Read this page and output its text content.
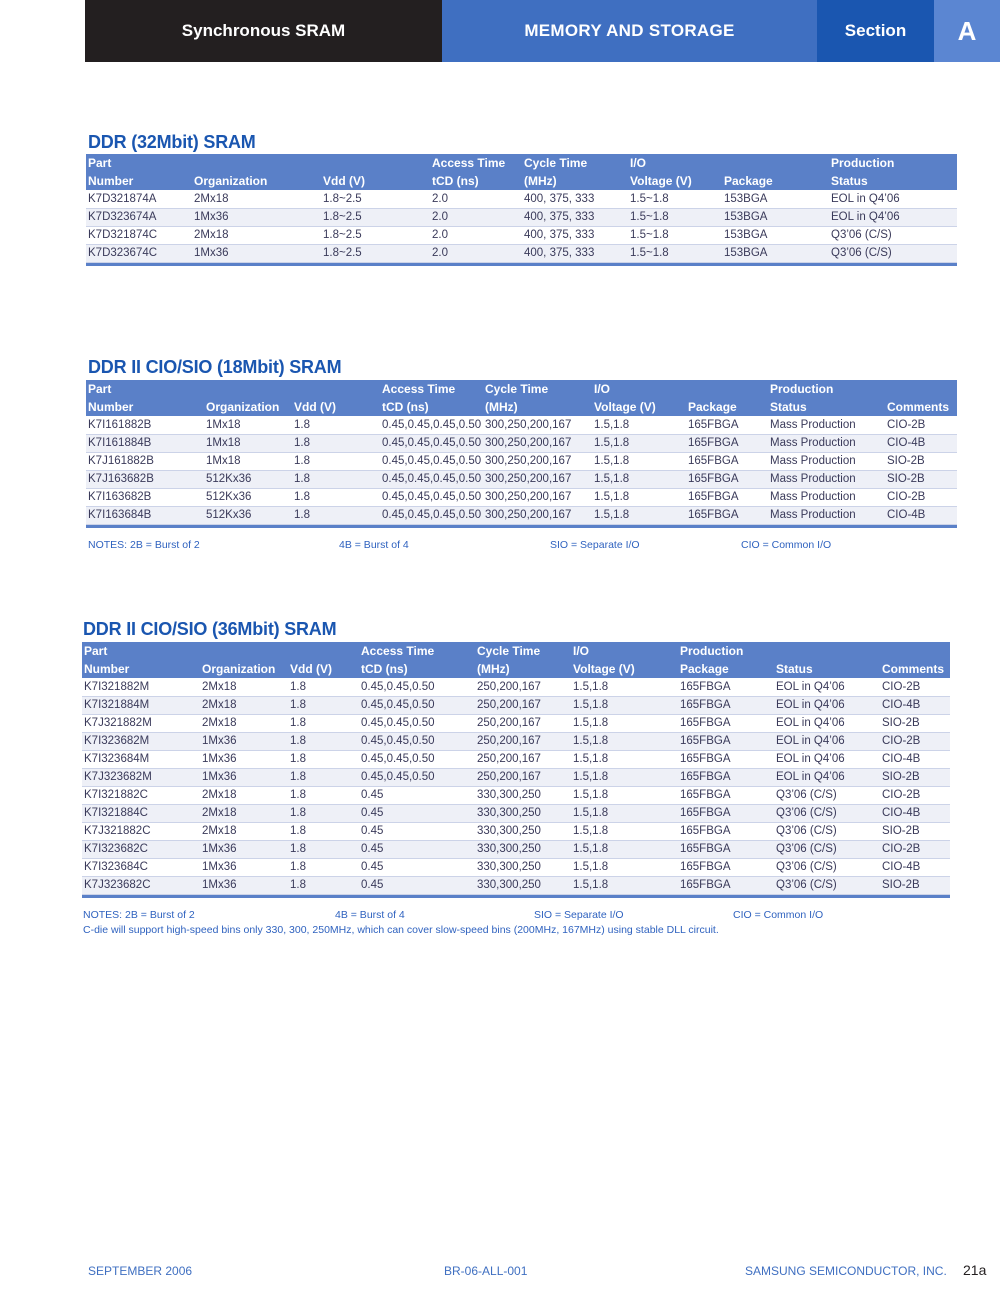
Synchronous SRAM	MEMORY AND STORAGE	Section A
DDR (32Mbit) SRAM
Part			Access Time	Cycle Time	I/O		Production
Number	Organization	Vdd (V)	tCD (ns)	(MHz)	Voltage (V)	Package	Status
K7D321874A	2Mx18	1.8~2.5	2.0	400, 375, 333	1.5~1.8	153BGA	EOL in Q4’06
K7D323674A	1Mx36	1.8~2.5	2.0	400, 375, 333	1.5~1.8	153BGA	EOL in Q4’06
K7D321874C	2Mx18	1.8~2.5	2.0	400, 375, 333	1.5~1.8	153BGA	Q3’06 (C/S)
K7D323674C	1Mx36	1.8~2.5	2.0	400, 375, 333	1.5~1.8	153BGA	Q3’06 (C/S)
DDR II CIO/SIO (18Mbit) SRAM
Part			Access Time	Cycle Time	I/O		Production	
Number	Organization	Vdd (V)	tCD (ns)	(MHz)	Voltage (V)	Package	Status	Comments
K7I161882B	1Mx18	1.8	0.45,0.45,0.45,0.50	300,250,200,167	1.5,1.8	165FBGA	Mass Production	CIO-2B
K7I161884B	1Mx18	1.8	0.45,0.45,0.45,0.50	300,250,200,167	1.5,1.8	165FBGA	Mass Production	CIO-4B
K7J161882B	1Mx18	1.8	0.45,0.45,0.45,0.50	300,250,200,167	1.5,1.8	165FBGA	Mass Production	SIO-2B
K7J163682B	512Kx36	1.8	0.45,0.45,0.45,0.50	300,250,200,167	1.5,1.8	165FBGA	Mass Production	SIO-2B
K7I163682B	512Kx36	1.8	0.45,0.45,0.45,0.50	300,250,200,167	1.5,1.8	165FBGA	Mass Production	CIO-2B
K7I163684B	512Kx36	1.8	0.45,0.45,0.45,0.50	300,250,200,167	1.5,1.8	165FBGA	Mass Production	CIO-4B
NOTES: 2B = Burst of 2	4B = Burst of 4	SIO = Separate I/O	CIO = Common I/O
DDR II CIO/SIO (36Mbit) SRAM
Part			Access Time	Cycle Time	I/O	Production		
Number	Organization	Vdd (V)	tCD (ns)	(MHz)	Voltage (V)	Package	Status	Comments
K7I321882M	2Mx18	1.8	0.45,0.45,0.50	250,200,167	1.5,1.8	165FBGA	EOL in Q4’06	CIO-2B
K7I321884M	2Mx18	1.8	0.45,0.45,0.50	250,200,167	1.5,1.8	165FBGA	EOL in Q4’06	CIO-4B
K7J321882M	2Mx18	1.8	0.45,0.45,0.50	250,200,167	1.5,1.8	165FBGA	EOL in Q4’06	SIO-2B
K7I323682M	1Mx36	1.8	0.45,0.45,0.50	250,200,167	1.5,1.8	165FBGA	EOL in Q4’06	CIO-2B
K7I323684M	1Mx36	1.8	0.45,0.45,0.50	250,200,167	1.5,1.8	165FBGA	EOL in Q4’06	CIO-4B
K7J323682M	1Mx36	1.8	0.45,0.45,0.50	250,200,167	1.5,1.8	165FBGA	EOL in Q4’06	SIO-2B
K7I321882C	2Mx18	1.8	0.45	330,300,250	1.5,1.8	165FBGA	Q3’06 (C/S)	CIO-2B
K7I321884C	2Mx18	1.8	0.45	330,300,250	1.5,1.8	165FBGA	Q3’06 (C/S)	CIO-4B
K7J321882C	2Mx18	1.8	0.45	330,300,250	1.5,1.8	165FBGA	Q3’06 (C/S)	SIO-2B
K7I323682C	1Mx36	1.8	0.45	330,300,250	1.5,1.8	165FBGA	Q3’06 (C/S)	CIO-2B
K7I323684C	1Mx36	1.8	0.45	330,300,250	1.5,1.8	165FBGA	Q3’06 (C/S)	CIO-4B
K7J323682C	1Mx36	1.8	0.45	330,300,250	1.5,1.8	165FBGA	Q3’06 (C/S)	SIO-2B
NOTES: 2B = Burst of 2	4B = Burst of 4	SIO = Separate I/O	CIO = Common I/O
C-die will support high-speed bins only 330, 300, 250MHz, which can cover slow-speed bins (200MHz, 167MHz) using stable DLL circuit.
SEPTEMBER 2006	BR-06-ALL-001	SAMSUNG SEMICONDUCTOR, INC. 21a
